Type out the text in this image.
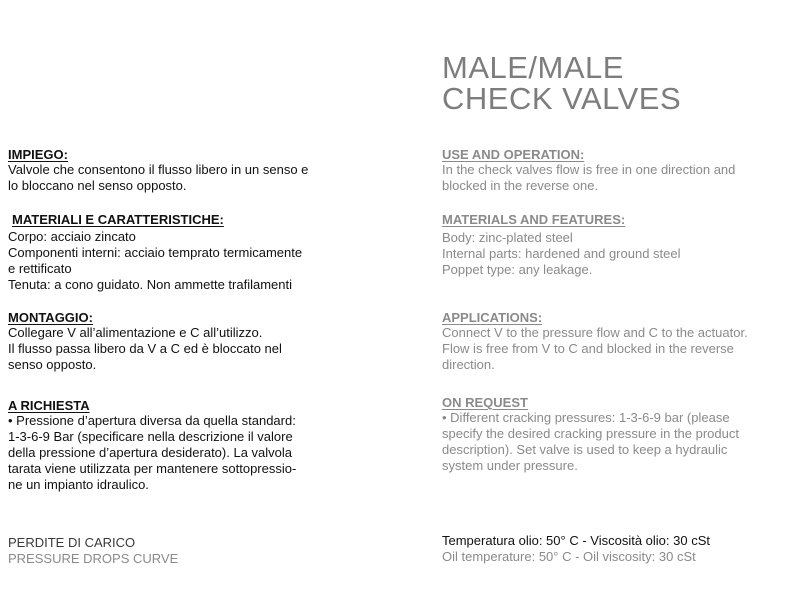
MALE/MALE
CHECK VALVES
IMPIEGO:
Valvole che consentono il flusso libero in un senso e
lo bloccano nel senso opposto.
MATERIALI E CARATTERISTICHE:
Corpo: acciaio zincato
Componenti interni: acciaio temprato termicamente
e rettificato
Tenuta: a cono guidato. Non ammette trafilamenti
MONTAGGIO:
Collegare V all’alimentazione e C all’utilizzo.
Il flusso passa libero da V a C ed è bloccato nel
senso opposto.
A RICHIESTA
• Pressione d’apertura diversa da quella standard:
1-3-6-9 Bar (specificare nella descrizione il valore
della pressione d’apertura desiderato). La valvola
tarata viene utilizzata per mantenere sottopressio-
ne un impianto idraulico.
PERDITE DI CARICO
PRESSURE DROPS CURVE
USE AND OPERATION:
In the check valves flow is free in one direction and
blocked in the reverse one.
MATERIALS AND FEATURES:
Body: zinc-plated steel
Internal parts: hardened and ground steel
Poppet type: any leakage.
APPLICATIONS:
Connect V to the pressure flow and C to the actuator.
Flow is free from V to C and blocked in the reverse
direction.
ON REQUEST
• Different cracking pressures: 1-3-6-9 bar (please
specify the desired cracking pressure in the product
description). Set valve is used to keep a hydraulic
system under pressure.
Temperatura olio: 50° C - Viscosità olio: 30 cSt
Oil temperature: 50° C - Oil viscosity: 30 cSt
